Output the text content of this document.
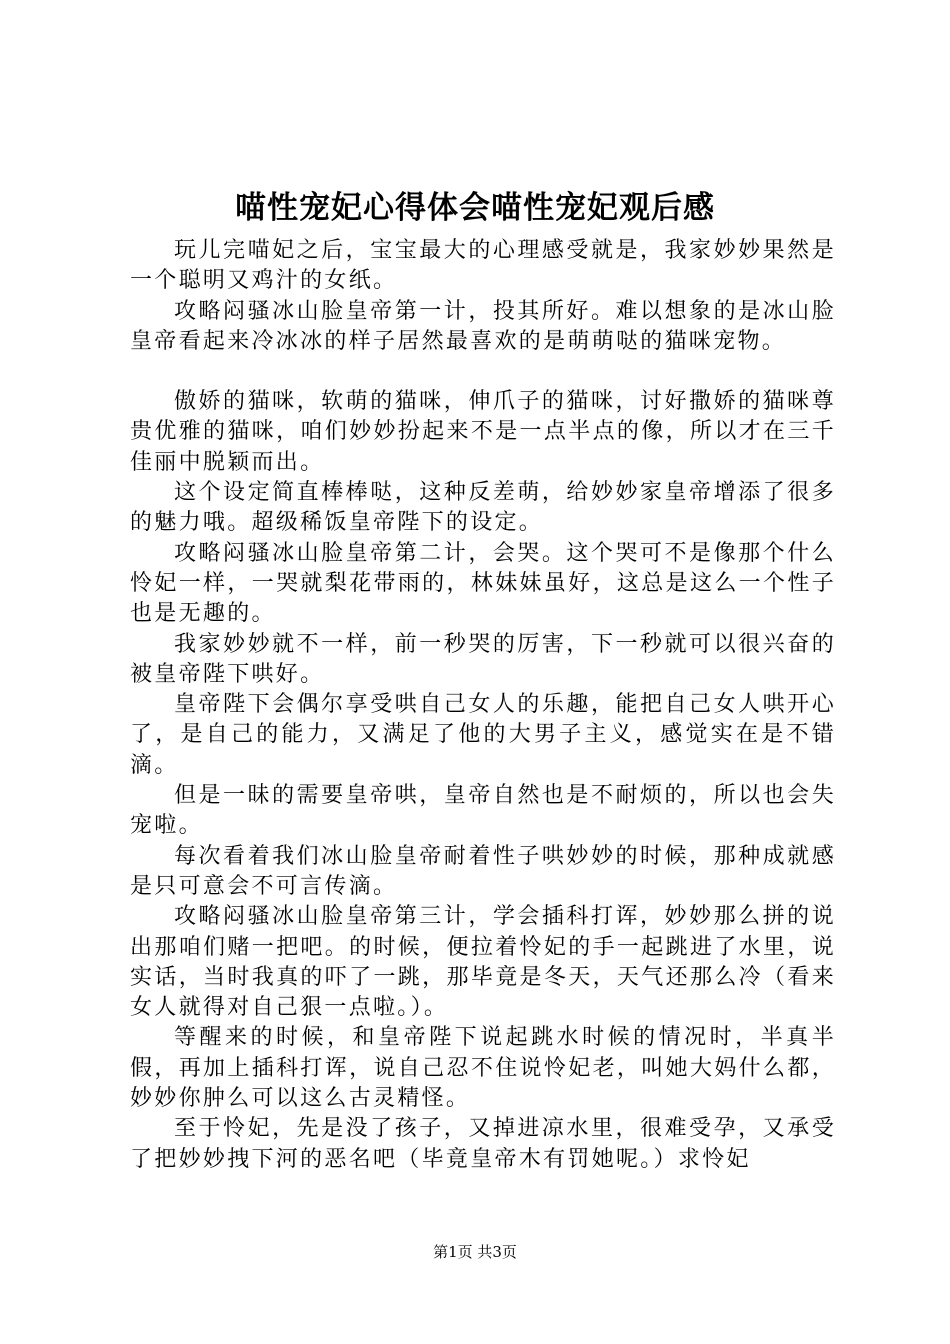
喵性宠妃心得体会喵性宠妃观后感

玩儿完喵妃之后，宝宝最大的心理感受就是，我家妙妙果然是一个聪明又鸡汁的女纸。

攻略闷骚冰山脸皇帝第一计，投其所好。难以想象的是冰山脸皇帝看起来冷冰冰的样子居然最喜欢的是萌萌哒的猫咪宠物。

傲娇的猫咪，软萌的猫咪，伸爪子的猫咪，讨好撒娇的猫咪尊贵优雅的猫咪，咱们妙妙扮起来不是一点半点的像，所以才在三千佳丽中脱颖而出。

这个设定简直棒棒哒，这种反差萌，给妙妙家皇帝增添了很多的魅力哦。超级稀饭皇帝陛下的设定。

攻略闷骚冰山脸皇帝第二计，会哭。这个哭可不是像那个什么怜妃一样，一哭就梨花带雨的，林妹妹虽好，这总是这么一个性子也是无趣的。

我家妙妙就不一样，前一秒哭的厉害，下一秒就可以很兴奋的被皇帝陛下哄好。

皇帝陛下会偶尔享受哄自己女人的乐趣，能把自己女人哄开心了，是自己的能力，又满足了他的大男子主义，感觉实在是不错滴。

但是一昧的需要皇帝哄，皇帝自然也是不耐烦的，所以也会失宠啦。

每次看着我们冰山脸皇帝耐着性子哄妙妙的时候，那种成就感是只可意会不可言传滴。

攻略闷骚冰山脸皇帝第三计，学会插科打诨，妙妙那么拼的说出那咱们赌一把吧。的时候，便拉着怜妃的手一起跳进了水里，说实话，当时我真的吓了一跳，那毕竟是冬天，天气还那么冷（看来女人就得对自己狠一点啦。）。

等醒来的时候，和皇帝陛下说起跳水时候的情况时，半真半假，再加上插科打诨，说自己忍不住说怜妃老，叫她大妈什么都，妙妙你肿么可以这么古灵精怪。

至于怜妃，先是没了孩子，又掉进凉水里，很难受孕，又承受了把妙妙拽下河的恶名吧（毕竟皇帝木有罚她呢。）求怜妃

第1页 共3页
